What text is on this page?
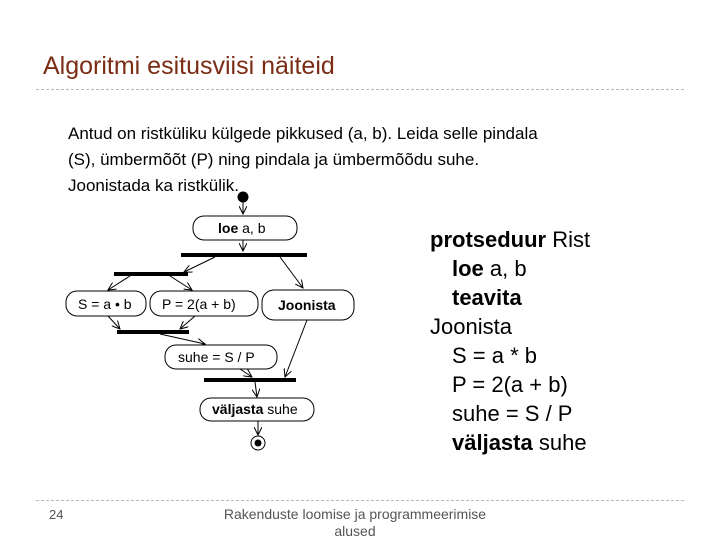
Algoritmi esitusviisi näiteid

Antud on ristküliku külgede pikkused (a, b). Leida selle pindala

(S), ümbermõõt (P) ning pindala ja ümbermõõdu suhe.

Joonistada ka ristkülik.

loe a, b
S = a • b P = 2(a + b)	Joonista
suhe = S / P
väljasta suhe
protseduur Rist
loe a, b
teavita
Joonista
S = a * b
P = 2(a + b)
suhe = S / P
väljasta suhe
24	Rakenduste loomise ja programmeerimise
alused
